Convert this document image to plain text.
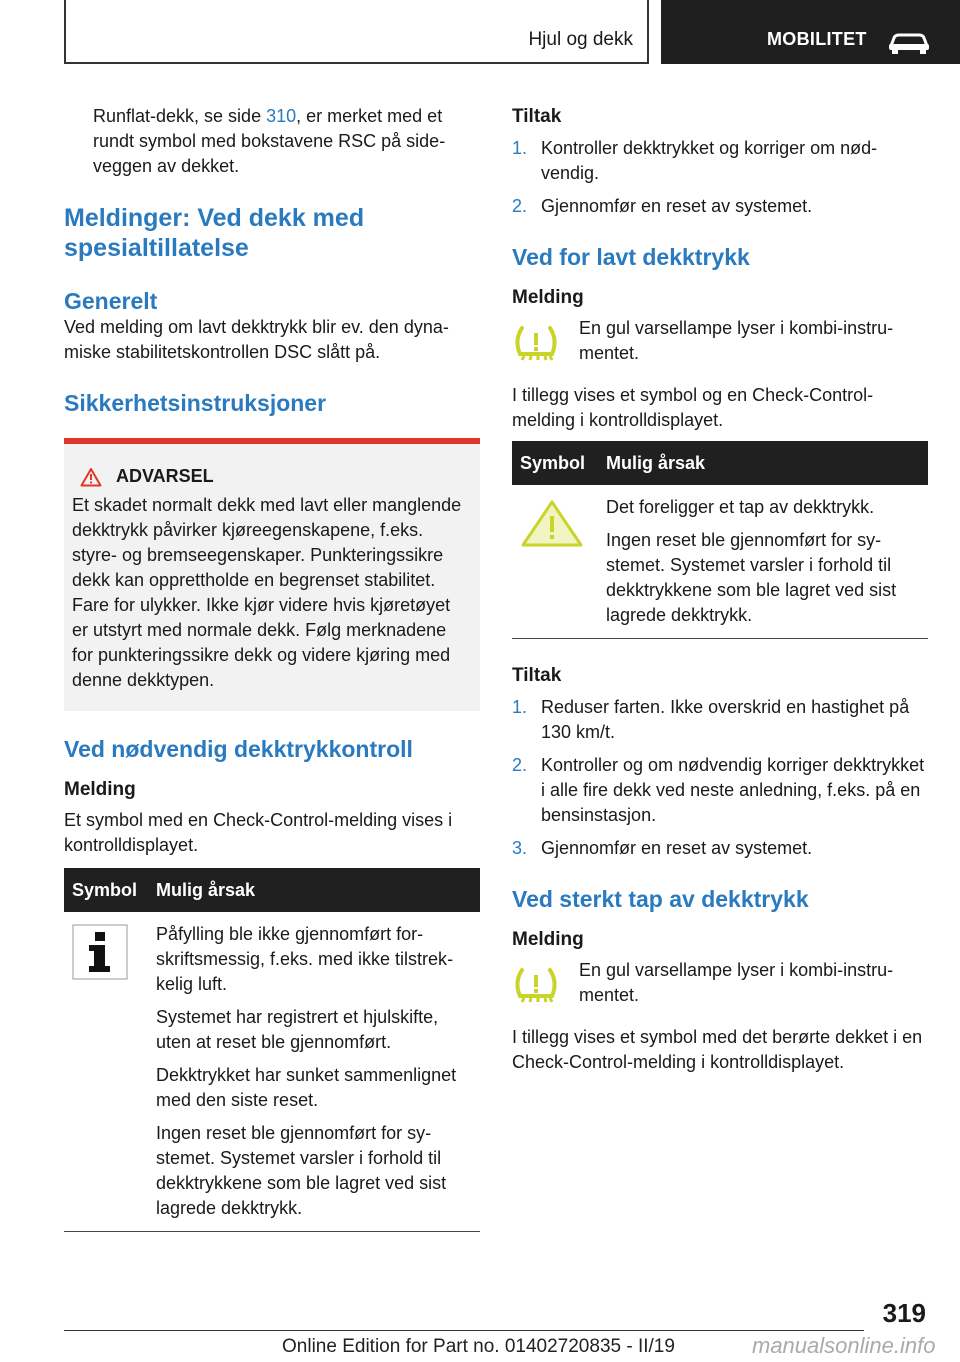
Hjul og dekk	MOBILITET

Runflat-dekk, se side 310, er merket med et rundt symbol med bokstavene RSC på sideveggen av dekket.

Meldinger: Ved dekk med spesialtillatelse
Generelt

Ved melding om lavt dekktrykk blir ev. den dynamiske stabilitetskontrollen DSC slått på.

Sikkerhetsinstruksjoner
ADVARSEL

Et skadet normalt dekk med lavt eller manglende dekktrykk påvirker kjøreegenskapene, f.eks. styre- og bremseegenskaper. Punkteringssikre dekk kan opprettholde en begrenset stabilitet. Fare for ulykker. Ikke kjør videre hvis kjøretøyet er utstyrt med normale dekk. Følg merknadene for punkteringssikre dekk og videre kjøring med denne dekktypen.

Ved nødvendig dekktrykkontroll
Melding

Et symbol med en Check-Control-melding vises i kontrolldisplayet.

Symbol	Mulig årsak

Påfylling ble ikke gjennomført forskriftsmessig, f.eks. med ikke tilstrekkelig luft.

Systemet har registrert et hjulskifte, uten at reset ble gjennomført.

Dekktrykket har sunket sammenlignet med den siste reset.

Ingen reset ble gjennomført for systemet. Systemet varsler i forhold til dekktrykkene som ble lagret ved sist lagrede dekktrykk.

Tiltak
1. Kontroller dekktrykket og korriger om nødvendig.
2. Gjennomfør en reset av systemet.
Ved for lavt dekktrykk
Melding

En gul varsellampe lyser i kombi-instrumentet.

I tillegg vises et symbol og en Check-Control-melding i kontrolldisplayet.

Symbol	Mulig årsak

Det foreligger et tap av dekktrykk.

Ingen reset ble gjennomført for systemet. Systemet varsler i forhold til dekktrykkene som ble lagret ved sist lagrede dekktrykk.

Tiltak
1. Reduser farten. Ikke overskrid en hastighet på 130 km/t.
2. Kontroller og om nødvendig korriger dekktrykket i alle fire dekk ved neste anledning, f.eks. på en bensinstasjon.
3. Gjennomfør en reset av systemet.
Ved sterkt tap av dekktrykk
Melding

En gul varsellampe lyser i kombi-instrumentet.

I tillegg vises et symbol med det berørte dekket i en Check-Control-melding i kontrolldisplayet.

319
Online Edition for Part no. 01402720835 - II/19	manualsonline.info
